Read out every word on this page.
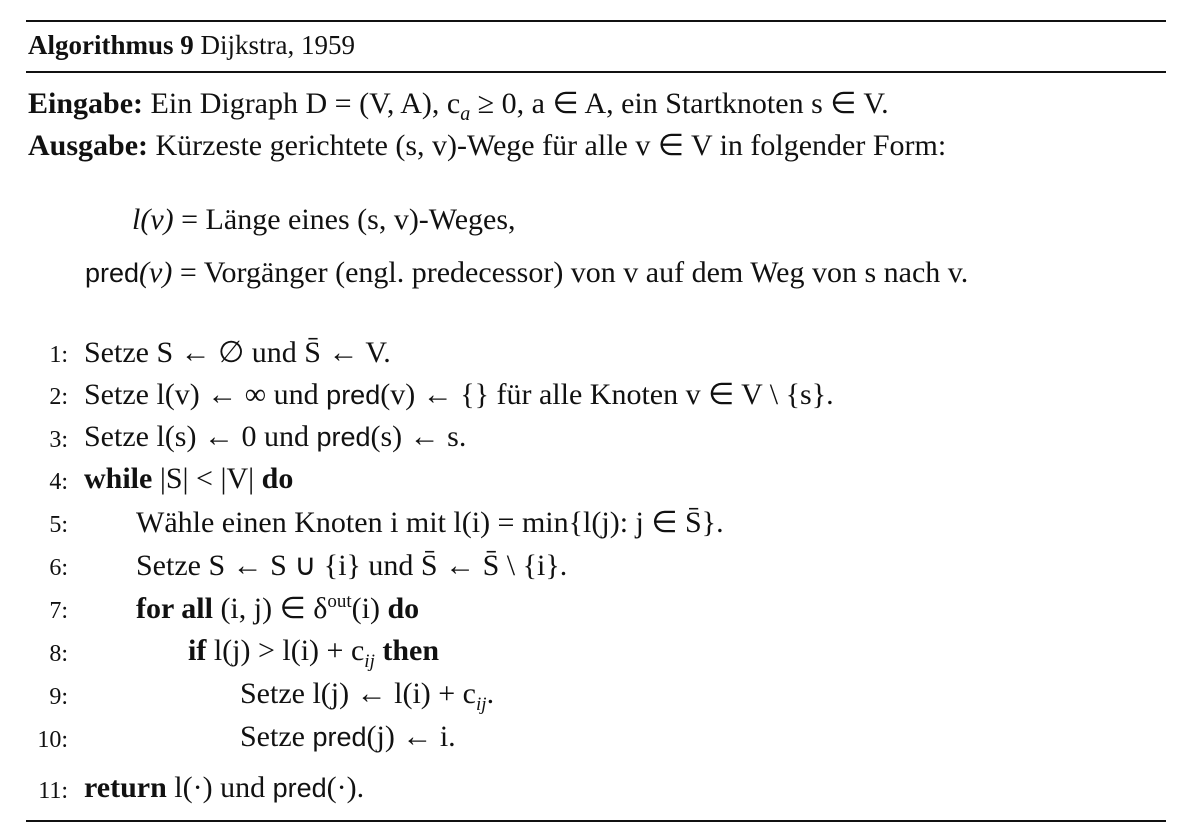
Algorithmus 9 Dijkstra, 1959
Eingabe: Ein Digraph D = (V, A), $c_a \ge 0$, a ∈ A, ein Startknoten s ∈ V.
Ausgabe: Kürzeste gerichtete (s, v)-Wege für alle v ∈ V in folgender Form:
l(v) = Länge eines (s, v)-Weges,
pred(v) = Vorgänger (engl. predecessor) von v auf dem Weg von s nach v.
1: Setze S ← ∅ und S̄ ← V.
2: Setze l(v) ← ∞ und pred(v) ← {} für alle Knoten v ∈ V \ {s}.
3: Setze l(s) ← 0 und pred(s) ← s.
4: while |S| < |V| do
5: Wähle einen Knoten i mit l(i) = min{l(j): j ∈ S̄}.
6: Setze S ← S ∪ {i} und S̄ ← S̄ \ {i}.
7: for all (i, j) ∈ $\delta^{out}(i)$ do
8:	if $l(j) > l(i) + c_{ij}$ then
9:	Setze l(j) ← $l(i) + c_{ij}$.
10:	Setze pred(j) ← i.
11: return l(·) und pred(·).
